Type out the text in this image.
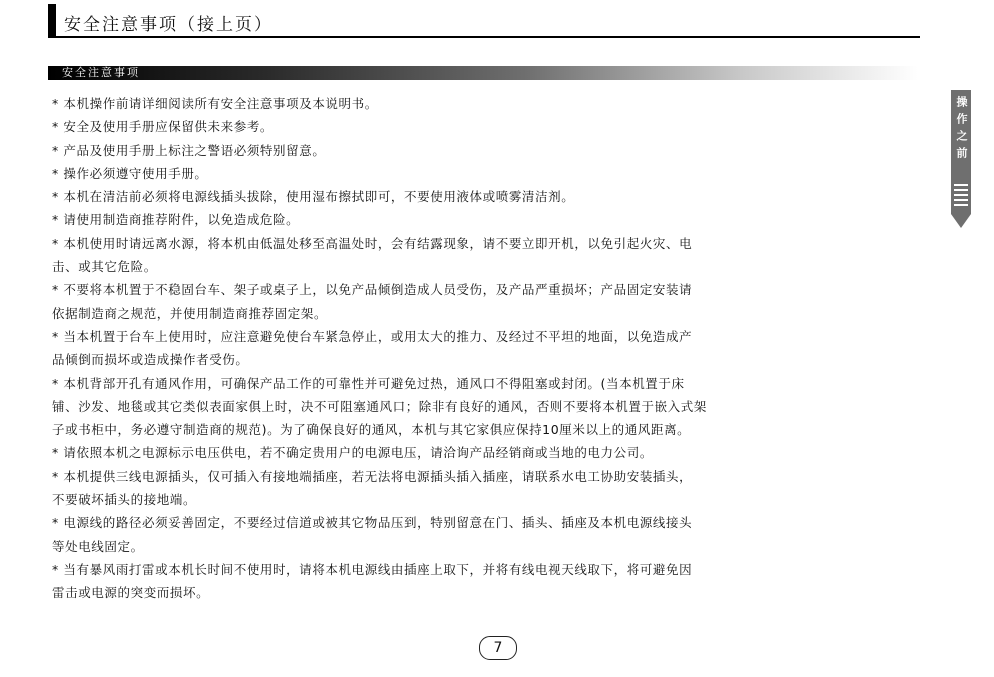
安全注意事项（接上页）
安全注意事项

* 本机操作前请详细阅读所有安全注意事项及本说明书。

* 安全及使用手册应保留供未来参考。

* 产品及使用手册上标注之警语必须特别留意。

* 操作必须遵守使用手册。

* 本机在清洁前必须将电源线插头拔除，使用湿布擦拭即可，不要使用液体或喷雾清洁剂。

* 请使用制造商推荐附件，以免造成危险。

* 本机使用时请远离水源，将本机由低温处移至高温处时，会有结露现象，请不要立即开机，以免引起火灾、电

击、或其它危险。

* 不要将本机置于不稳固台车、架子或桌子上，以免产品倾倒造成人员受伤，及产品严重损坏；产品固定安装请

依据制造商之规范，并使用制造商推荐固定架。

* 当本机置于台车上使用时，应注意避免使台车紧急停止，或用太大的推力、及经过不平坦的地面，以免造成产

品倾倒而损坏或造成操作者受伤。

* 本机背部开孔有通风作用，可确保产品工作的可靠性并可避免过热，通风口不得阻塞或封闭。(当本机置于床

铺、沙发、地毯或其它类似表面家俱上时，决不可阻塞通风口；除非有良好的通风，否则不要将本机置于嵌入式架

子或书柜中，务必遵守制造商的规范)。为了确保良好的通风，本机与其它家俱应保持10厘米以上的通风距离。

* 请依照本机之电源标示电压供电，若不确定贵用户的电源电压，请洽询产品经销商或当地的电力公司。

* 本机提供三线电源插头，仅可插入有接地端插座，若无法将电源插头插入插座，请联系水电工协助安装插头，

不要破坏插头的接地端。

* 电源线的路径必须妥善固定，不要经过信道或被其它物品压到，特别留意在门、插头、插座及本机电源线接头

等处电线固定。

* 当有暴风雨打雷或本机长时间不使用时，请将本机电源线由插座上取下，并将有线电视天线取下，将可避免因

雷击或电源的突变而损坏。

操作之前
7
